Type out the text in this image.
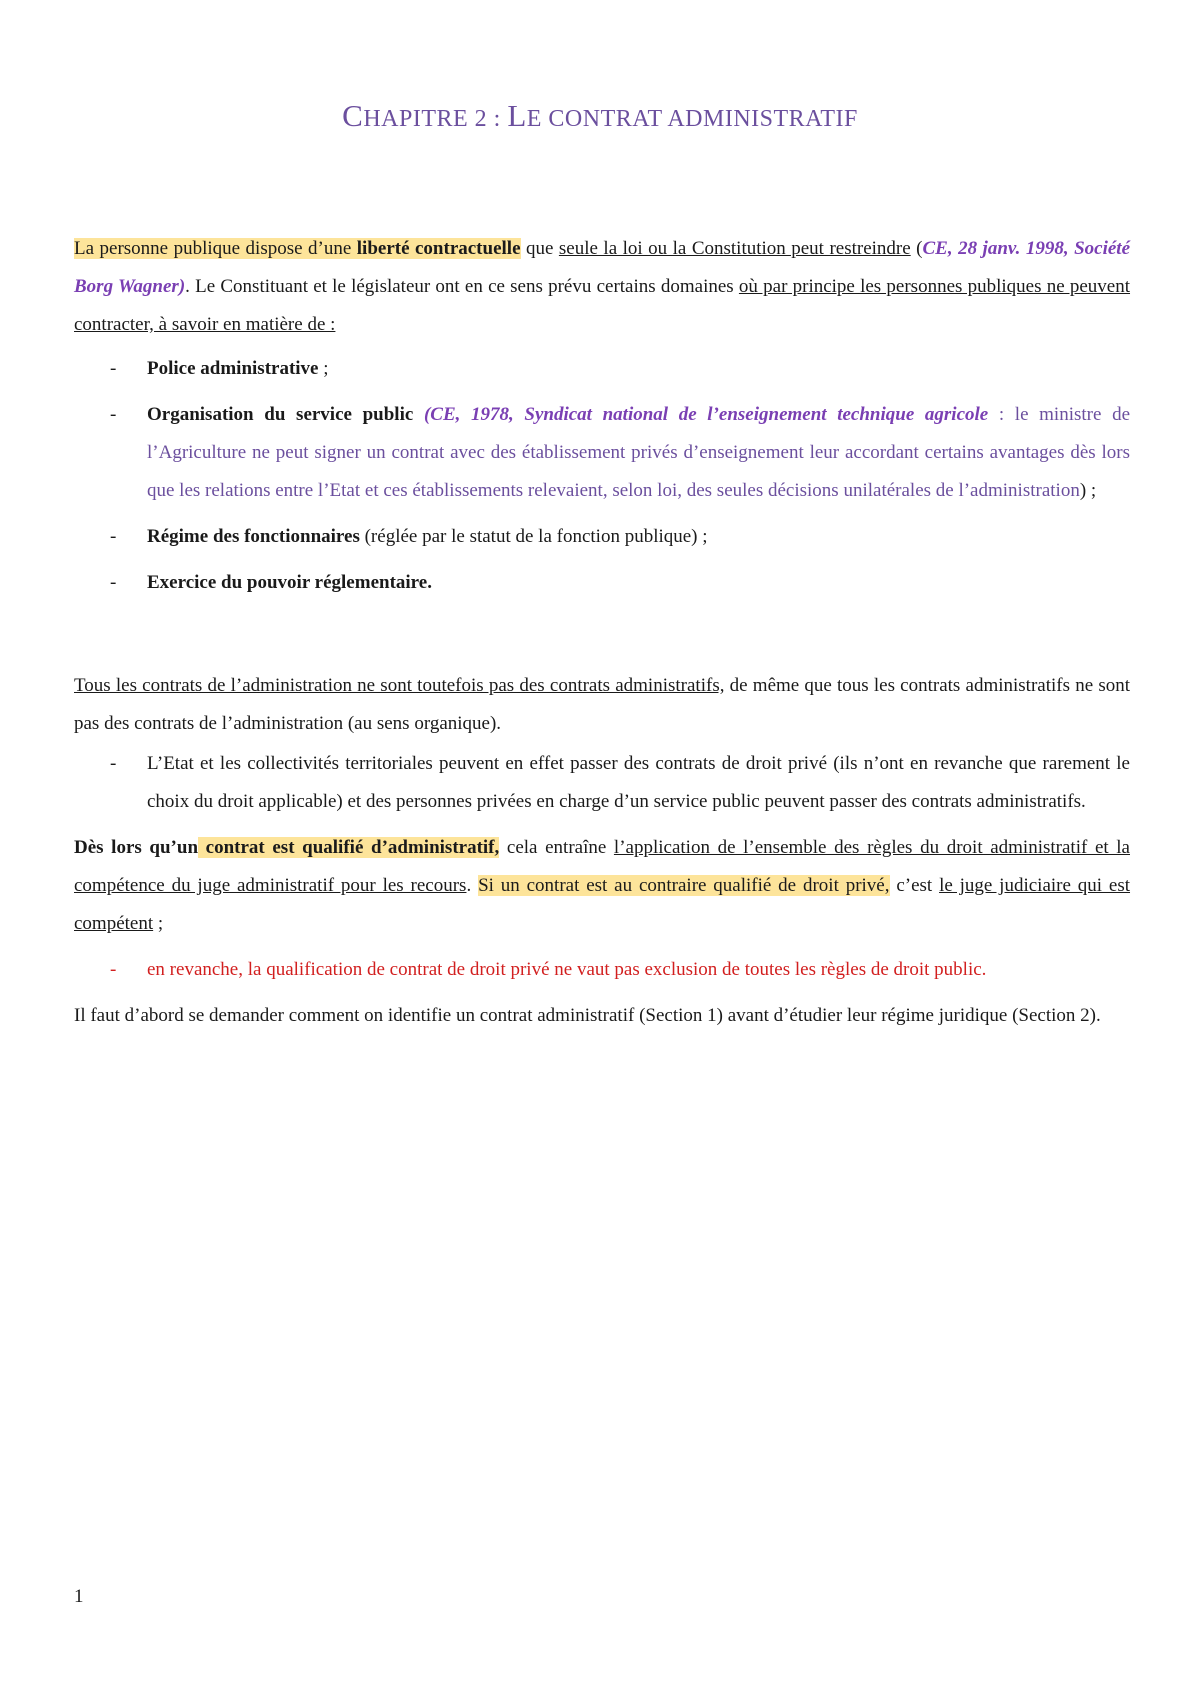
CHAPITRE 2 : LE CONTRAT ADMINISTRATIF

La personne publique dispose d’une liberté contractuelle que seule la loi ou la Constitution peut restreindre (CE, 28 janv. 1998, Société Borg Wagner). Le Constituant et le législateur ont en ce sens prévu certains domaines où par principe les personnes publiques ne peuvent contracter, à savoir en matière de :

- Police administrative ;
- Organisation du service public (CE, 1978, Syndicat national de l’enseignement technique agricole : le ministre de l’Agriculture ne peut signer un contrat avec des établissement privés d’enseignement leur accordant certains avantages dès lors que les relations entre l’Etat et ces établissements relevaient, selon loi, des seules décisions unilatérales de l’administration) ;
- Régime des fonctionnaires (réglée par le statut de la fonction publique) ;
- Exercice du pouvoir réglementaire.

Tous les contrats de l’administration ne sont toutefois pas des contrats administratifs, de même que tous les contrats administratifs ne sont pas des contrats de l’administration (au sens organique).

- L’Etat et les collectivités territoriales peuvent en effet passer des contrats de droit privé (ils n’ont en revanche que rarement le choix du droit applicable) et des personnes privées en charge d’un service public peuvent passer des contrats administratifs.

Dès lors qu’un contrat est qualifié d’administratif, cela entraîne l’application de l’ensemble des règles du droit administratif et la compétence du juge administratif pour les recours. Si un contrat est au contraire qualifié de droit privé, c’est le juge judiciaire qui est compétent ;

- en revanche, la qualification de contrat de droit privé ne vaut pas exclusion de toutes les règles de droit public.

Il faut d’abord se demander comment on identifie un contrat administratif (Section 1) avant d’étudier leur régime juridique (Section 2).

1
